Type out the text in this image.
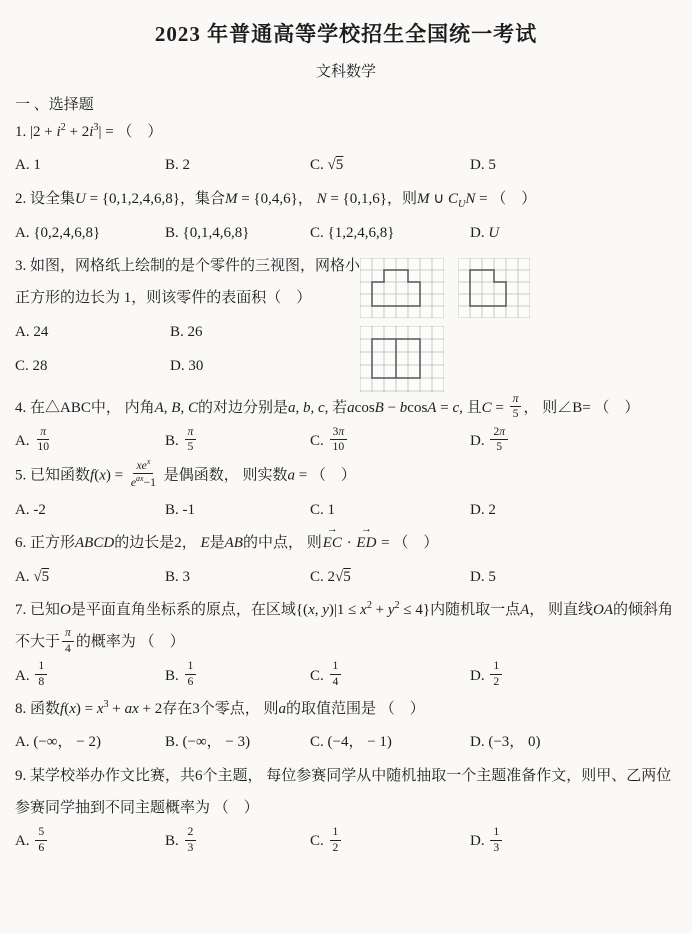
2023 年普通高等学校招生全国统一考试
文科数学
一 、选择题
1. $|2 + i^2 + 2i^3|$ = （　）
A. 1	B. 2	C. √5	D. 5
2. 设全集U = {0,1,2,4,6,8}，集合M = {0,4,6}， N = {0,1,6}，则M ∪ $C_UN$ = （　）
A. {0,2,4,6,8}	B. {0,1,4,6,8}	C. {1,2,4,6,8}	D. U
3. 如图，网格纸上绘制的是个零件的三视图，网格小正方形的边长为 1，则该零件的表面积（　）
A. 24	B. 26
C. 28	D. 30
4. 在△ABC中， 内角A, B, C的对边分别是a, b, c, 若acosB − bcosA = c, 且$C = \frac{\pi}{5}$ ， 则∠B= （　）
A. $\frac{\pi}{10}$	B. $\frac{\pi}{5}$	C. $\frac{3\pi}{10}$	D. $\frac{2\pi}{5}$
5. 已知函数$f(x) = \frac{xe^x}{e^{ax}-1}$ 是偶函数， 则实数a = （　）
A. -2	B. -1	C. 1	D. 2
6. 正方形ABCD的边长是2， E是AB的中点， 则EC → · ED → = （　）
A. √5	B. 3	C. 2√5	D. 5
7. 已知O是平面直角坐标系的原点，在区域{(x, $y)|1 \le x^2 + y^2 \le 4$}内随机取一点A， 则直线OA的倾斜角不大于 $\frac{\pi}{4}$ 的概率为 （　）
A. $\frac{1}{8}$	B. $\frac{1}{6}$	C. $\frac{1}{4}$	D. $\frac{1}{2}$
8. 函数$f(x) = x^3$ + ax + 2存在3个零点， 则a的取值范围是 （　）
A. (−∞， − 2)	B. (−∞， − 3)	C. (−4， − 1)	D. (−3， 0)
9. 某学校举办作文比赛，共6个主题， 每位参赛同学从中随机抽取一个主题准备作文，则甲、乙两位参赛同学抽到不同主题概率为 （　）
A. $\frac{5}{6}$	B. $\frac{2}{3}$	C. $\frac{1}{2}$	D. $\frac{1}{3}$
